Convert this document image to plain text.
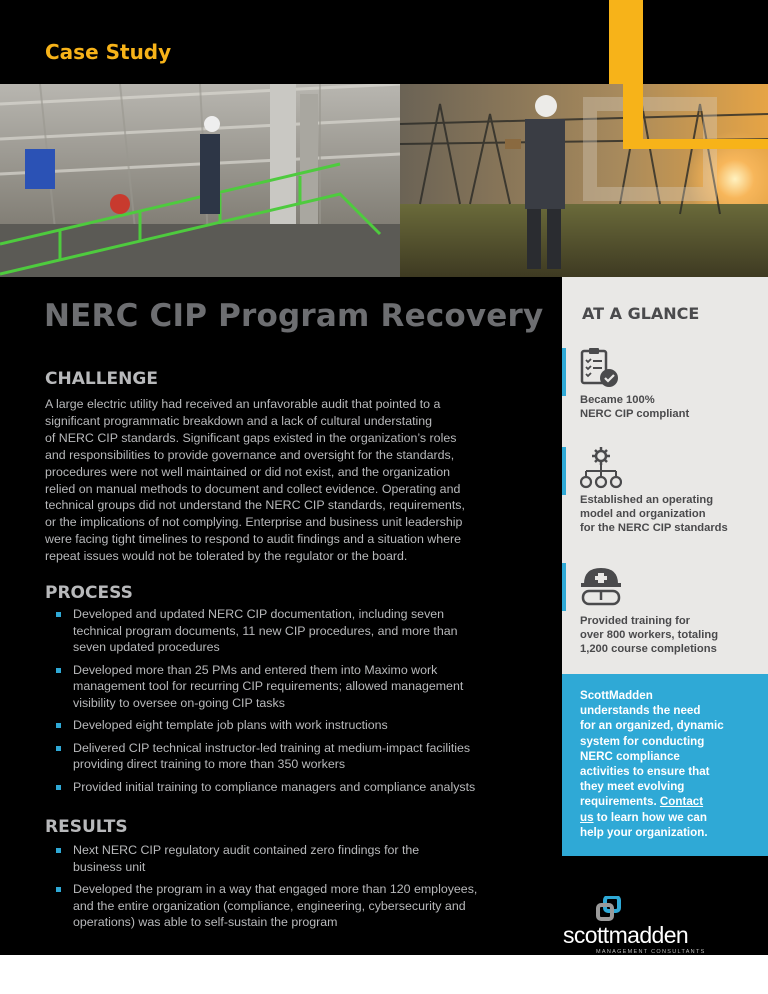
Case Study
NERC CIP Program Recovery
CHALLENGE
A large electric utility had received an unfavorable audit that pointed to a
significant programmatic breakdown and a lack of cultural understating
of NERC CIP standards. Significant gaps existed in the organization’s roles
and responsibilities to provide governance and oversight for the standards,
procedures were not well maintained or did not exist, and the organization
relied on manual methods to document and collect evidence. Operating and
technical groups did not understand the NERC CIP standards, requirements,
or the implications of not complying. Enterprise and business unit leadership
were facing tight timelines to respond to audit findings and a situation where
repeat issues would not be tolerated by the regulator or the board.
PROCESS
Developed and updated NERC CIP documentation, including seven
technical program documents, 11 new CIP procedures, and more than
seven updated procedures
Developed more than 25 PMs and entered them into Maximo work
management tool for recurring CIP requirements; allowed management
visibility to oversee on-going CIP tasks
Developed eight template job plans with work instructions
Delivered CIP technical instructor-led training at medium-impact facilities
providing direct training to more than 350 workers
Provided initial training to compliance managers and compliance analysts
RESULTS
Next NERC CIP regulatory audit contained zero findings for the
business unit
Developed the program in a way that engaged more than 120 employees,
and the entire organization (compliance, engineering, cybersecurity and
operations) was able to self-sustain the program
AT A GLANCE
Became 100%
NERC CIP compliant
Established an operating
model and organization
for the NERC CIP standards
Provided training for
over 800 workers, totaling
1,200 course completions
ScottMadden
understands the need
for an organized, dynamic
system for conducting
NERC compliance
activities to ensure that
they meet evolving
requirements. Contact
us to learn how we can
help your organization.
scottmadden
MANAGEMENT CONSULTANTS
